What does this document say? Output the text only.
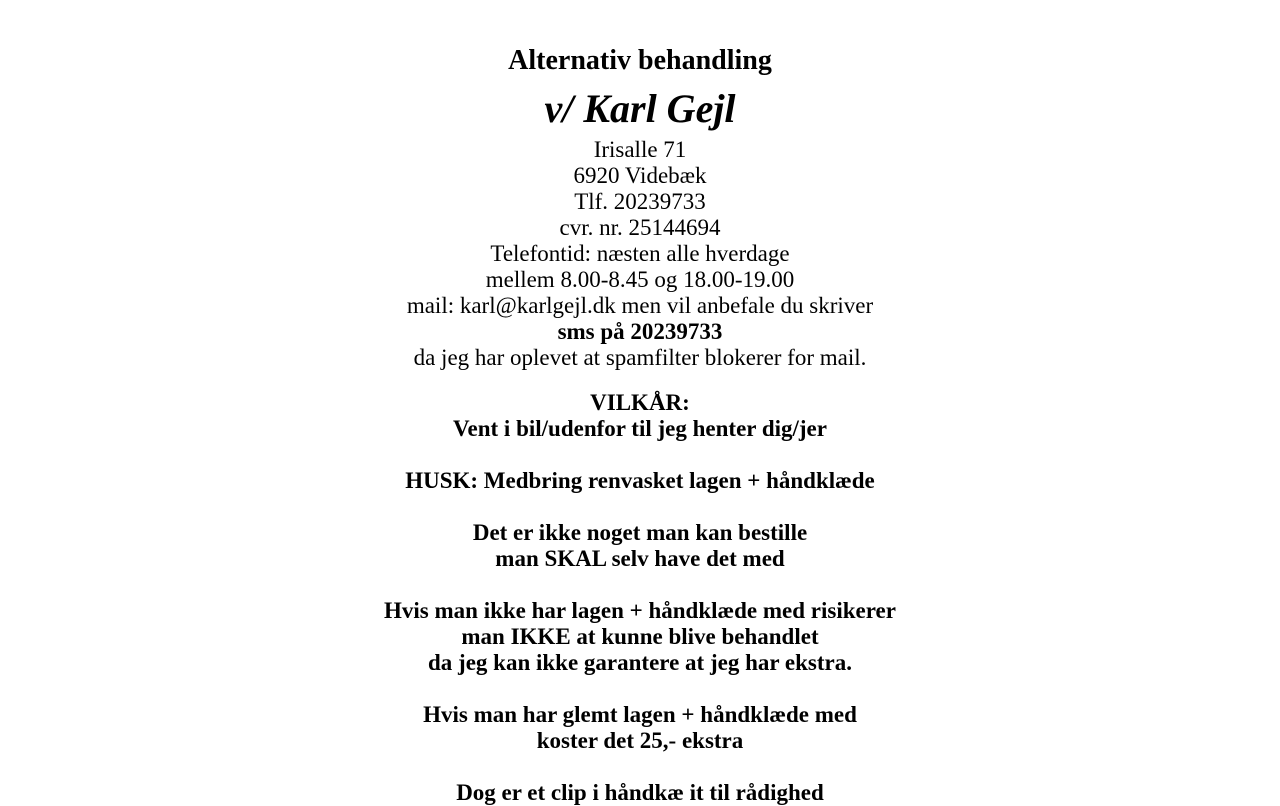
Alternativ behandling
v/ Karl Gejl

Irisalle 71

6920 Videbæk

Tlf. 20239733

cvr. nr. 25144694

Telefontid: næsten alle hverdage

mellem 8.00-8.45 og 18.00-19.00

mail: karl@karlgejl.dk men vil anbefale du skriver

sms på 20239733

da jeg har oplevet at spamfilter blokerer for mail.

VILKÅR:

Vent i bil/udenfor til jeg henter dig/jer

HUSK: Medbring renvasket lagen + håndklæde

Det er ikke noget man kan bestille

man SKAL selv have det med

Hvis man ikke har lagen + håndklæde med risikerer

man IKKE at kunne blive behandlet

da jeg kan ikke garantere at jeg har ekstra.

Hvis man har glemt lagen + håndklæde med

koster det 25,- ekstra

Dog er et clip i håndkæ it til rådighed
